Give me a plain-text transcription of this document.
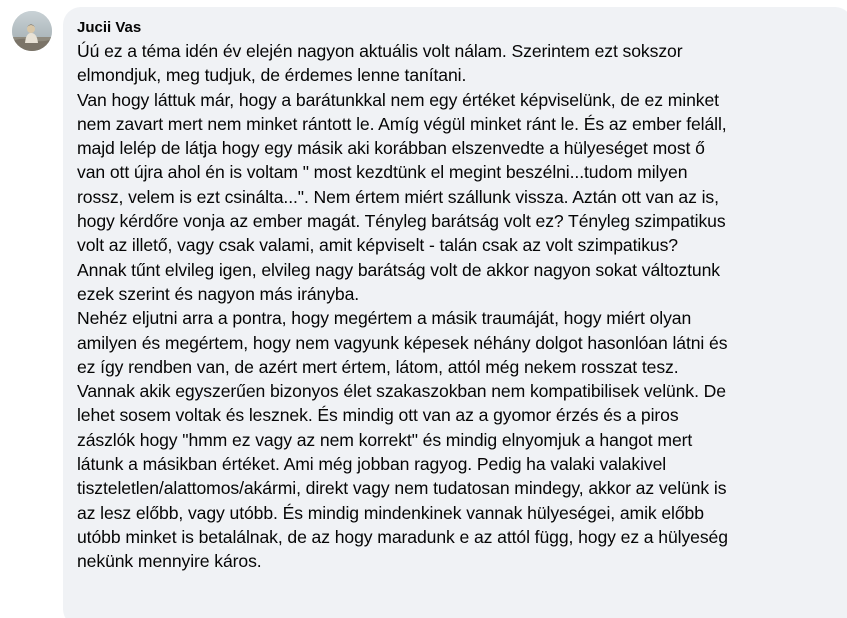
Jucii Vas
Úú ez a téma idén év elején nagyon aktuális volt nálam. Szerintem ezt sokszor
elmondjuk, meg tudjuk, de érdemes lenne tanítani.
Van hogy láttuk már, hogy a barátunkkal nem egy értéket képviselünk, de ez minket
nem zavart mert nem minket rántott le. Amíg végül minket ránt le. És az ember feláll,
majd lelép de látja hogy egy másik aki korábban elszenvedte a hülyeséget most ő
van ott újra ahol én is voltam " most kezdtünk el megint beszélni...tudom milyen
rossz, velem is ezt csinálta...". Nem értem miért szállunk vissza. Aztán ott van az is,
hogy kérdőre vonja az ember magát. Tényleg barátság volt ez? Tényleg szimpatikus
volt az illető, vagy csak valami, amit képviselt - talán csak az volt szimpatikus?
Annak tűnt elvileg igen, elvileg nagy barátság volt de akkor nagyon sokat változtunk
ezek szerint és nagyon más irányba.
Nehéz eljutni arra a pontra, hogy megértem a másik traumáját, hogy miért olyan
amilyen és megértem, hogy nem vagyunk képesek néhány dolgot hasonlóan látni és
ez így rendben van, de azért mert értem, látom, attól még nekem rosszat tesz.
Vannak akik egyszerűen bizonyos élet szakaszokban nem kompatibilisek velünk. De
lehet sosem voltak és lesznek. És mindig ott van az a gyomor érzés és a piros
zászlók hogy "hmm ez vagy az nem korrekt" és mindig elnyomjuk a hangot mert
látunk a másikban értéket. Ami még jobban ragyog. Pedig ha valaki valakivel
tiszteletlen/alattomos/akármi, direkt vagy nem tudatosan mindegy, akkor az velünk is
az lesz előbb, vagy utóbb. És mindig mindenkinek vannak hülyeségei, amik előbb
utóbb minket is betalálnak, de az hogy maradunk e az attól függ, hogy ez a hülyeség
nekünk mennyire káros.
